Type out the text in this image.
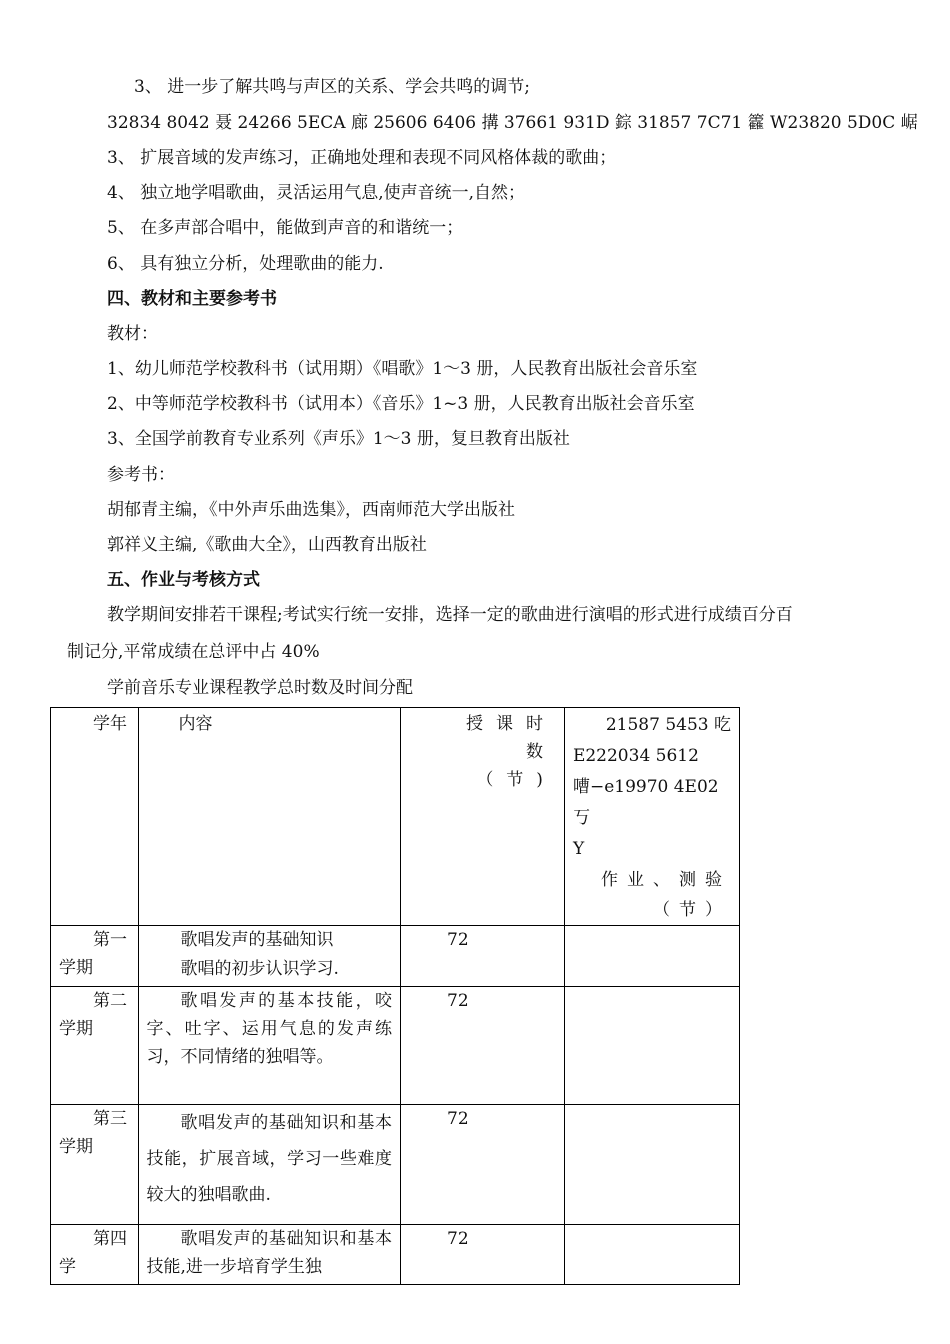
3、 进一步了解共鸣与声区的关系、学会共鸣的调节;
32834 8042 聂 24266 5ECA 廊 25606 6406 搆 37661 931D 錝 31857 7C71 籱 W23820 5D0C 崌
3、 扩展音域的发声练习，正确地处理和表现不同风格体裁的歌曲；
4、 独立地学唱歌曲，灵活运用气息,使声音统一,自然；
5、 在多声部合唱中，能做到声音的和谐统一；
6、 具有独立分析，处理歌曲的能力.
四、教材和主要参考书
教材：
1、幼儿师范学校教科书（试用期）《唱歌》1～3 册，人民教育出版社会音乐室
2、中等师范学校教科书（试用本）《音乐》1~3 册，人民教育出版社会音乐室
3、全国学前教育专业系列《声乐》1～3 册，复旦教育出版社
参考书：
胡郁青主编，《中外声乐曲选集》，西南师范大学出版社
郭祥义主编,《歌曲大全》，山西教育出版社
五、作业与考核方式
教学期间安排若干课程;考试实行统一安排，选择一定的歌曲进行演唱的形式进行成绩百分百
制记分,平常成绩在总评中占 40%
学前音乐专业课程教学总时数及时间分配
学年	内容	授课时数（节)	21587 5453 吃
E222034 5612
嘈−e19970 4E02 丂
Y
作业、测验（节）

第一学期	歌唱发声的基础知识
歌唱的初步认识学习.	72	
第二学期	歌唱发声的基本技能，咬字、吐字、运用气息的发声练习，不同情绪的独唱等。	72	
第三学期	歌唱发声的基础知识和基本技能，扩展音域，学习一些难度较大的独唱歌曲.	72	
第四学	歌唱发声的基础知识和基本技能,进一步培育学生独	72	
